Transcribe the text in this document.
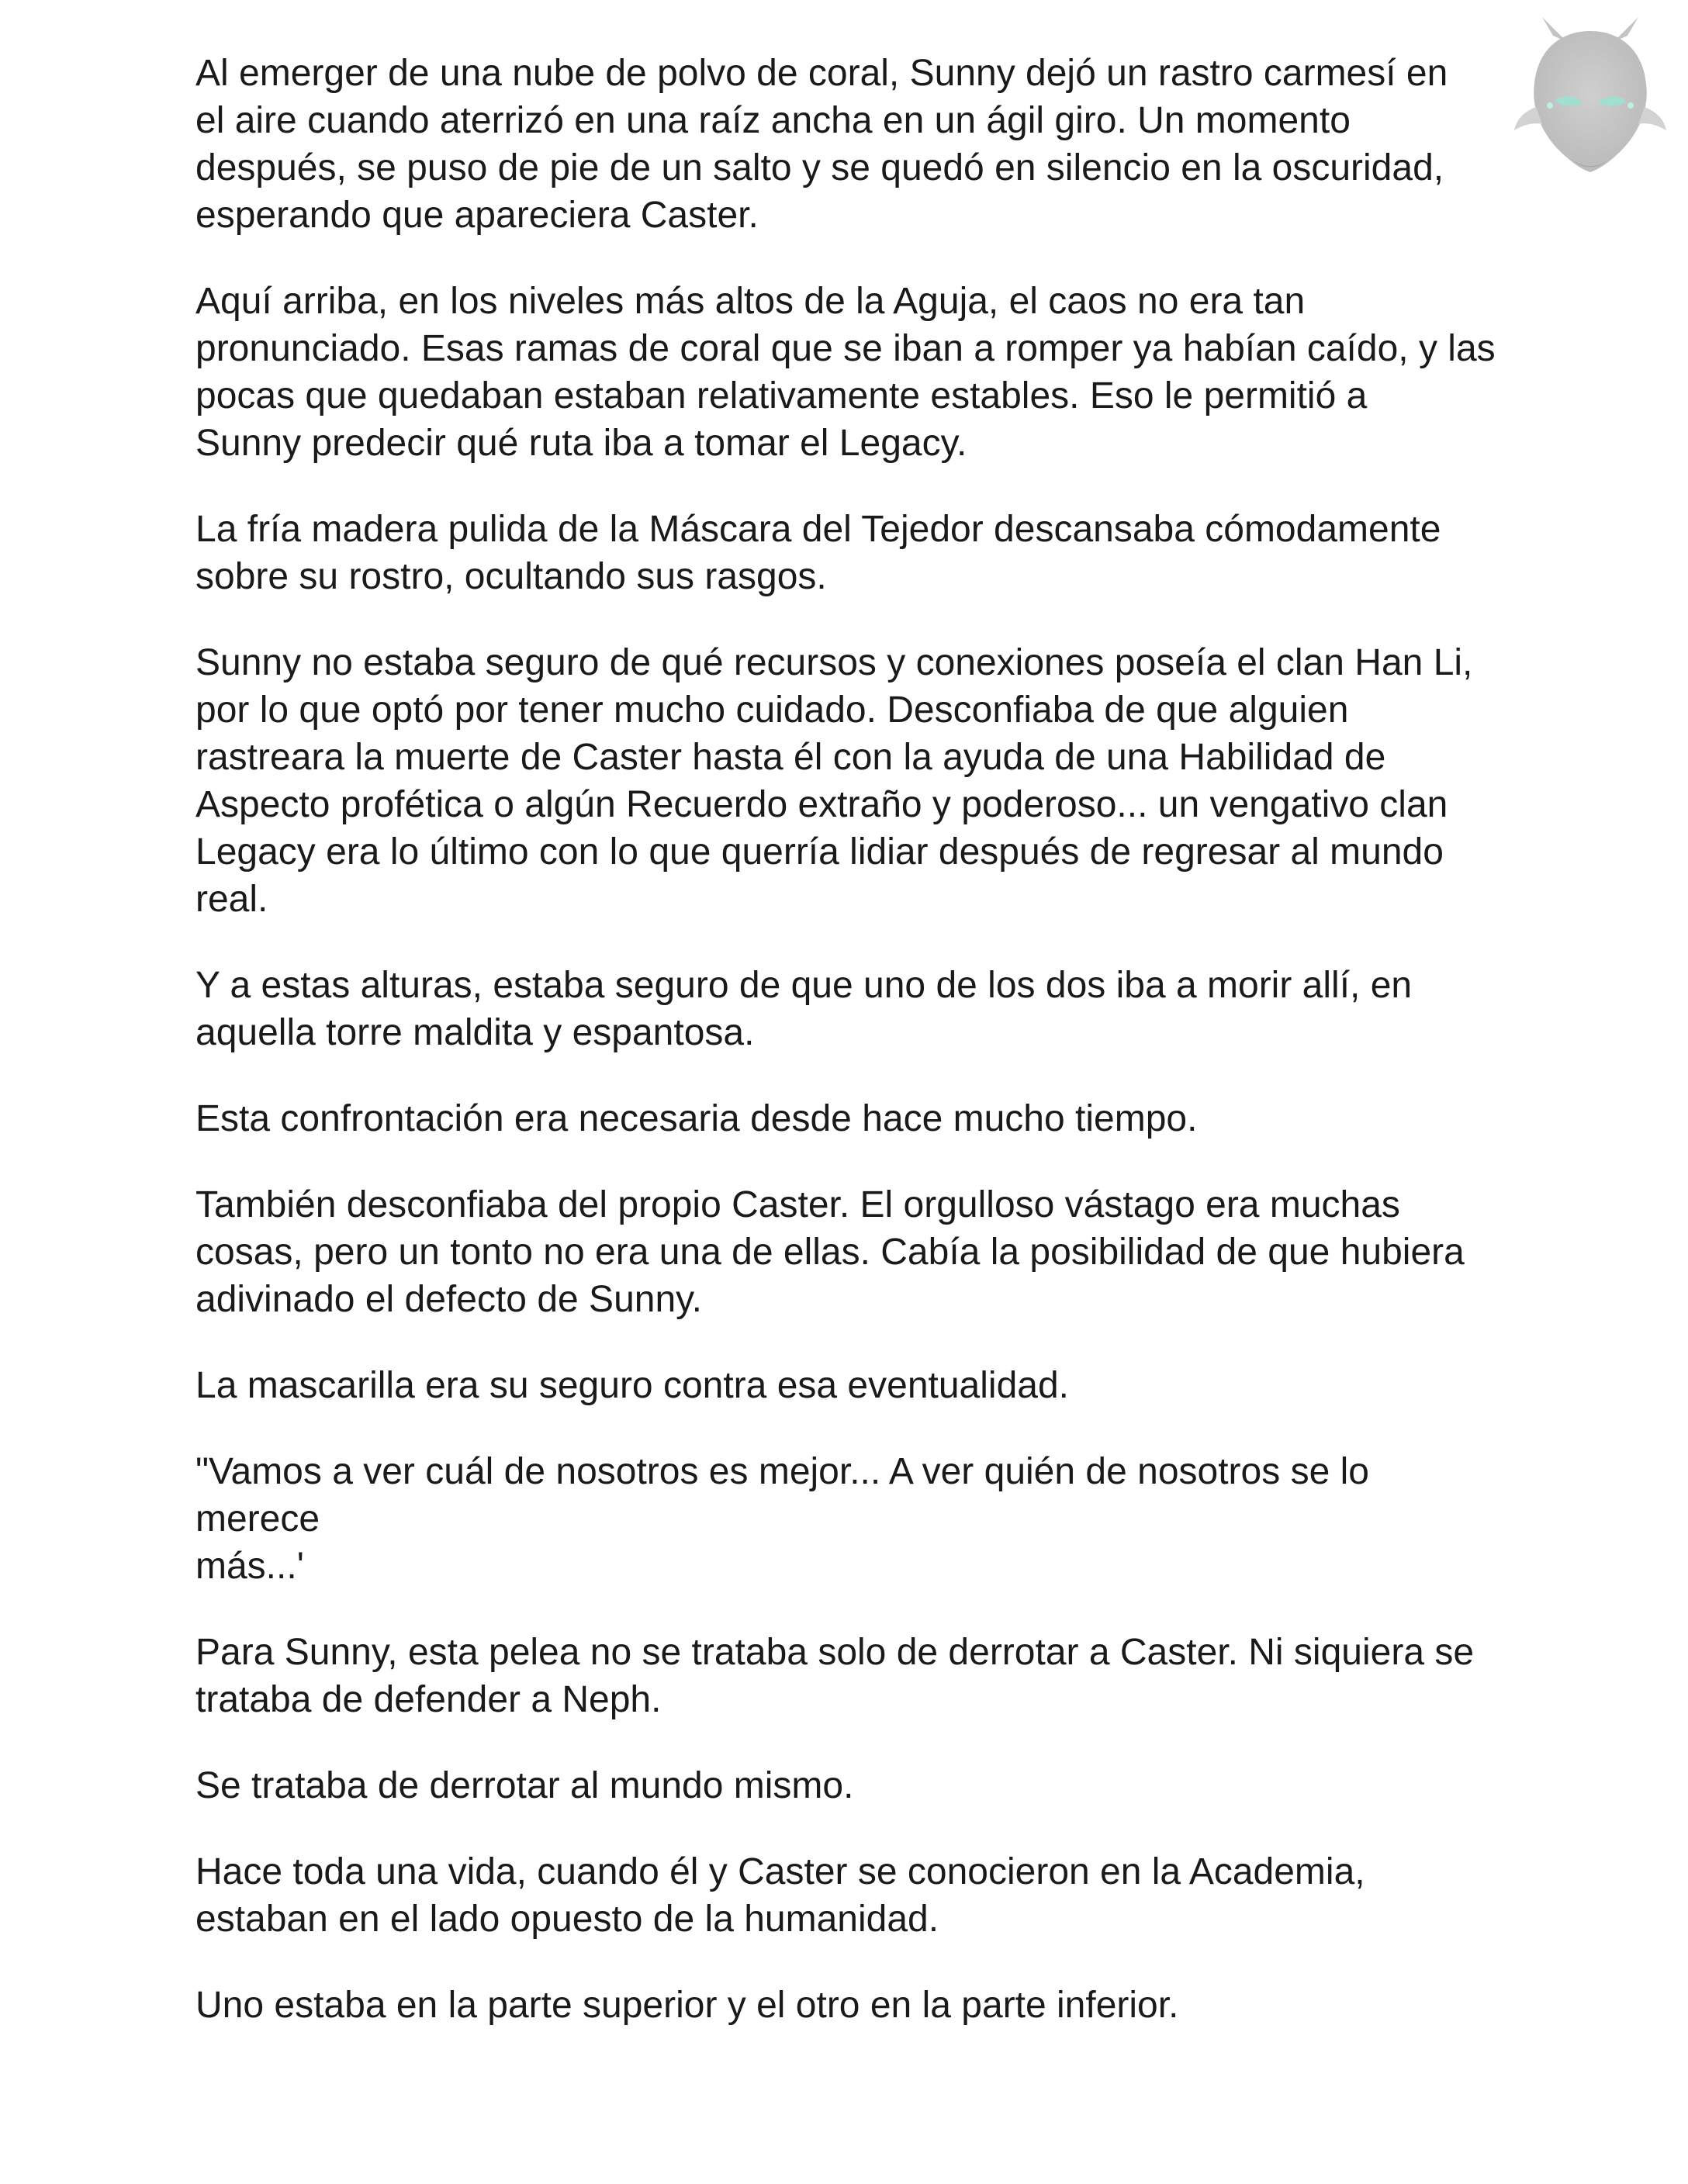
Al emerger de una nube de polvo de coral, Sunny dejó un rastro carmesí en
el aire cuando aterrizó en una raíz ancha en un ágil giro. Un momento
después, se puso de pie de un salto y se quedó en silencio en la oscuridad,
esperando que apareciera Caster.

Aquí arriba, en los niveles más altos de la Aguja, el caos no era tan
pronunciado. Esas ramas de coral que se iban a romper ya habían caído, y las
pocas que quedaban estaban relativamente estables. Eso le permitió a
Sunny predecir qué ruta iba a tomar el Legacy.

La fría madera pulida de la Máscara del Tejedor descansaba cómodamente
sobre su rostro, ocultando sus rasgos.

Sunny no estaba seguro de qué recursos y conexiones poseía el clan Han Li,
por lo que optó por tener mucho cuidado. Desconfiaba de que alguien
rastreara la muerte de Caster hasta él con la ayuda de una Habilidad de
Aspecto profética o algún Recuerdo extraño y poderoso... un vengativo clan
Legacy era lo último con lo que querría lidiar después de regresar al mundo
real.

Y a estas alturas, estaba seguro de que uno de los dos iba a morir allí, en
aquella torre maldita y espantosa.

Esta confrontación era necesaria desde hace mucho tiempo.

También desconfiaba del propio Caster. El orgulloso vástago era muchas
cosas, pero un tonto no era una de ellas. Cabía la posibilidad de que hubiera
adivinado el defecto de Sunny.

La mascarilla era su seguro contra esa eventualidad.

"Vamos a ver cuál de nosotros es mejor... A ver quién de nosotros se lo
merece
más...'

Para Sunny, esta pelea no se trataba solo de derrotar a Caster. Ni siquiera se
trataba de defender a Neph.

Se trataba de derrotar al mundo mismo.

Hace toda una vida, cuando él y Caster se conocieron en la Academia,
estaban en el lado opuesto de la humanidad.

Uno estaba en la parte superior y el otro en la parte inferior.
